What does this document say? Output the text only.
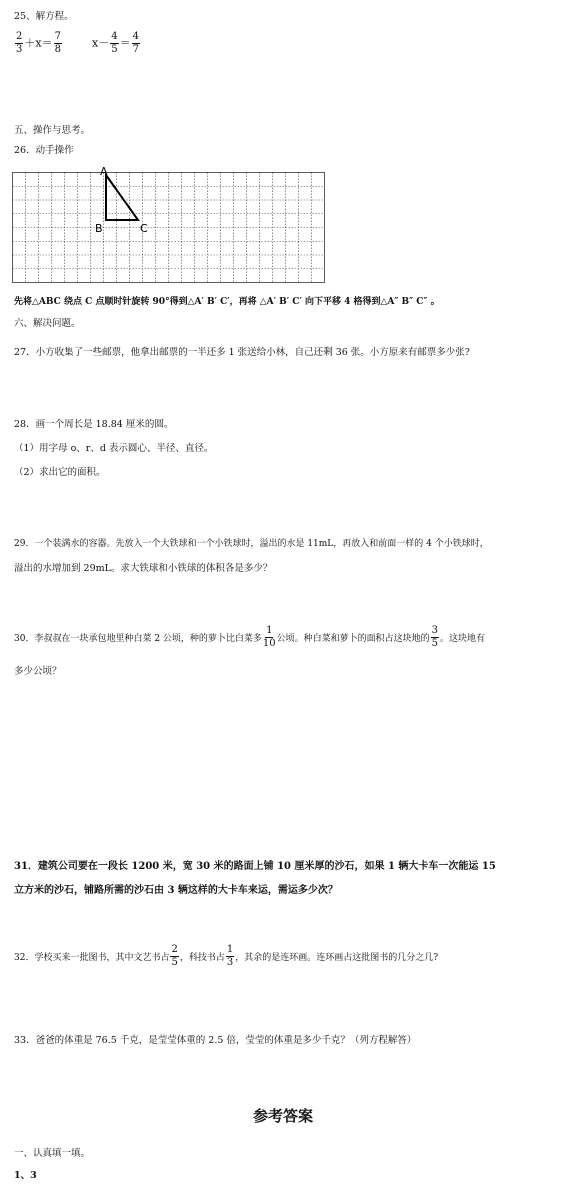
25、解方程。
$\frac{2}{3} +x= \frac{7}{8}$	$x- \frac{4}{5} = \frac{4}{7}$
五、操作与思考。
26．动手操作
A
B	C
先将△ABC 绕点 C 点顺时针旋转 90°得到△A′ B′ C′，再将 △A′ B′ C′ 向下平移 4 格得到△A″ B″ C″ 。
六、解决问题。
27．小方收集了一些邮票，他拿出邮票的一半还多 1 张送给小林，自己还剩 36 张。小方原来有邮票多少张?
28．画一个周长是 18.84 厘米的圆。
（1）用字母 o、r、d 表示圆心、半径、直径。
（2）求出它的面积。
29．一个装满水的容器。先放入一个大铁球和一个小铁球时，溢出的水是 11mL，再放入和前面一样的 4 个小铁球时，
溢出的水增加到 29mL。求大铁球和小铁球的体积各是多少？
30．李叔叔在一块承包地里种白菜 2 公顷，种的萝卜比白菜多 $\frac{1}{10}$ 公顷。种白菜和萝卜的面积占这块地的 $\frac{3}{5}$ 。这块地有
多少公顷？
31．建筑公司要在一段长 1200 米，宽 30 米的路面上铺 10 厘米厚的沙石，如果 1 辆大卡车一次能运 15
立方米的沙石，铺路所需的沙石由 3 辆这样的大卡车来运，需运多少次？
32．学校买来一批图书，其中文艺书占 $\frac{2}{5}$ ，科技书占 $\frac{1}{3}$ ，其余的是连环画。连环画占这批图书的几分之几?
33．爸爸的体重是 76.5 千克，是莹莹体重的 2.5 倍，莹莹的体重是多少千克？（列方程解答）
参考答案
一、认真填一填。
1、3
